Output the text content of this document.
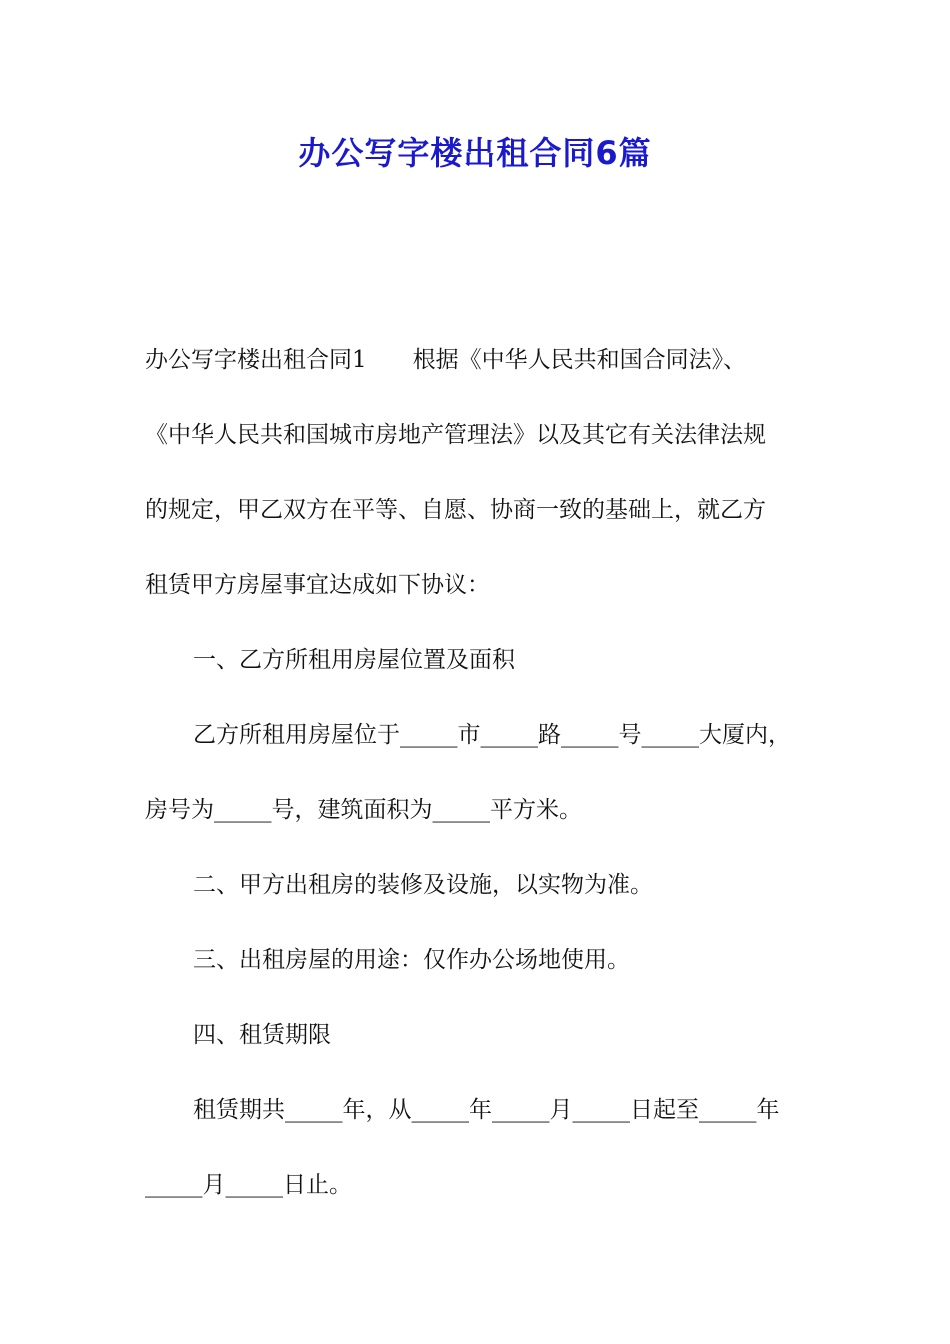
办公写字楼出租合同6篇
办公写字楼出租合同1　　根据《中华人民共和国合同法》、
《中华人民共和国城市房地产管理法》以及其它有关法律法规
的规定，甲乙双方在平等、自愿、协商一致的基础上，就乙方
租赁甲方房屋事宜达成如下协议：
一、乙方所租用房屋位置及面积
乙方所租用房屋位于_____市_____路_____号_____大厦内，
房号为_____号，建筑面积为_____平方米。
二、甲方出租房的装修及设施，以实物为准。
三、出租房屋的用途：仅作办公场地使用。
四、租赁期限
租赁期共_____年，从_____年_____月_____日起至_____年
_____月_____日止。
